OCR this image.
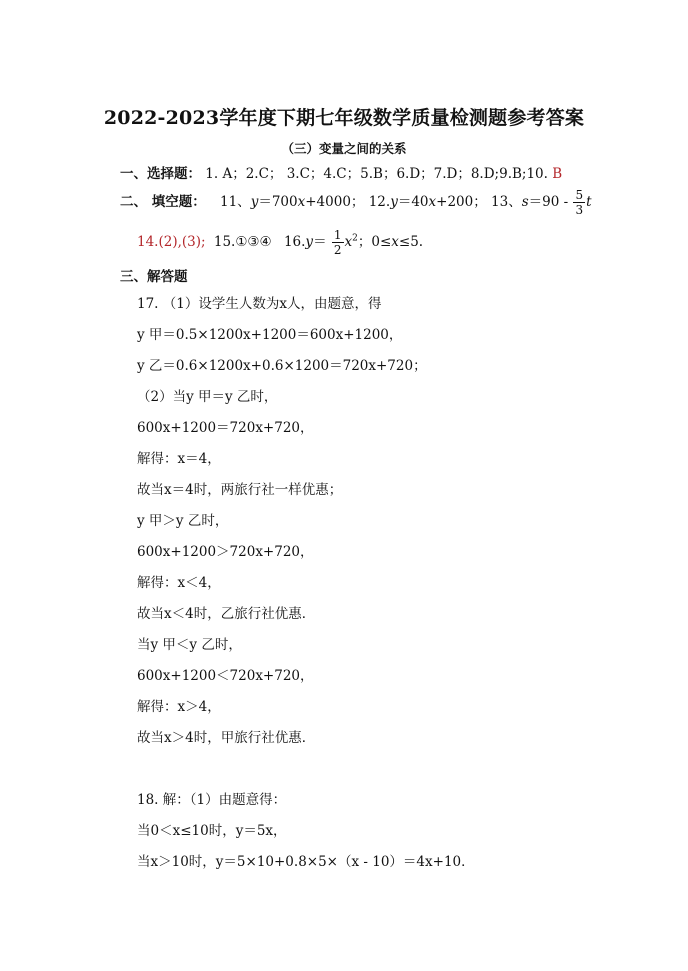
2022-2023学年度下期七年级数学质量检测题参考答案
（三）变量之间的关系
一、选择题： 1. A；2.C； 3.C；4.C；5.B；6.D；7.D；8.D;9.B;10. B
二、 填空题： 11、y＝700x+4000； 12.y＝40x+200； 13、$s=90 - \frac{5}{3}$ t
14.(2),(3); 15.①③④ $16.y= \frac{1}{2} x^2$；0≤x≤5.
三、解答题
17. （1）设学生人数为x人，由题意，得
y 甲＝0.5×1200x+1200＝600x+1200，
y 乙＝0.6×1200x+0.6×1200＝720x+720；
（2）当y 甲＝y 乙时，
600x+1200＝720x+720，
解得：x＝4，
故当x＝4时，两旅行社一样优惠；
y 甲＞y 乙时，
600x+1200＞720x+720，
解得：x＜4，
故当x＜4时，乙旅行社优惠．
当y 甲＜y 乙时，
600x+1200＜720x+720，
解得：x＞4，
故当x＞4时，甲旅行社优惠．
18. 解：（1）由题意得：
当0＜x≤10时，y＝5x，
当x＞10时，y＝5×10+0.8×5×（x - 10）＝4x+10．
